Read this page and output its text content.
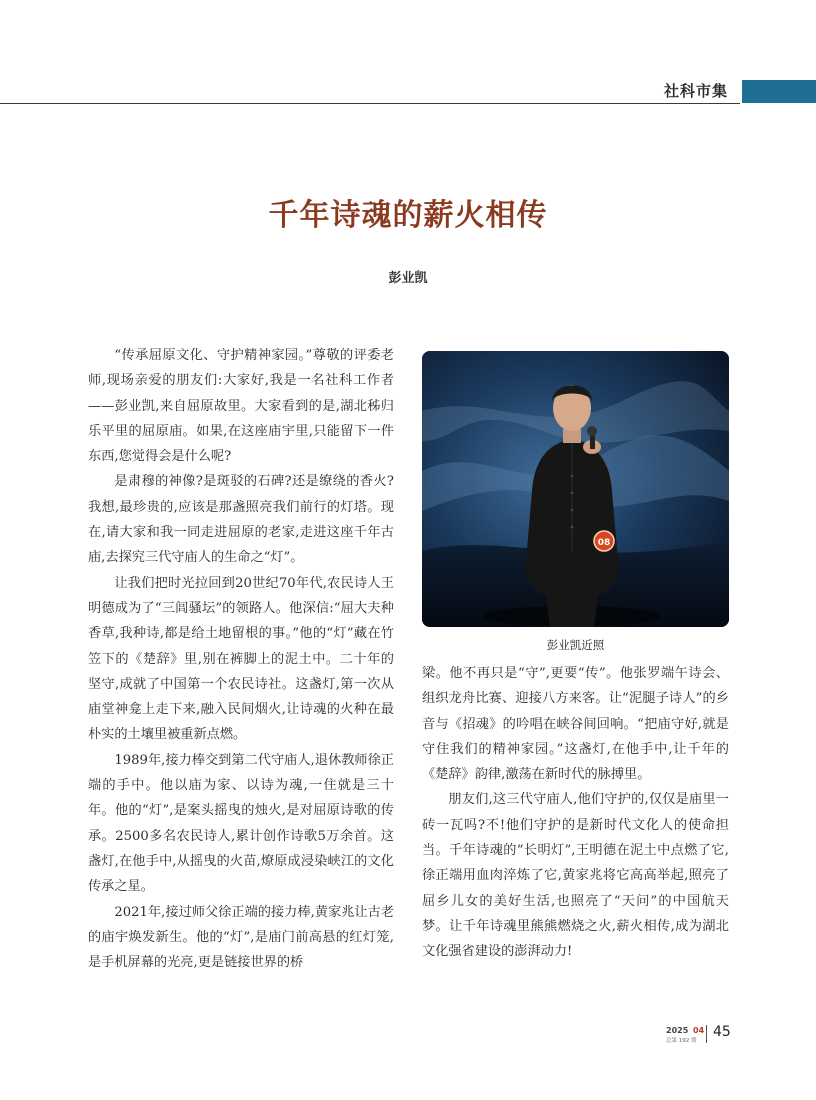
社科市集
千年诗魂的薪火相传
彭业凯

“传承屈原文化、守护精神家园。”尊敬的评委老师,现场亲爱的朋友们:大家好,我是一名社科工作者——彭业凯,来自屈原故里。大家看到的是,湖北秭归乐平里的屈原庙。如果,在这座庙宇里,只能留下一件东西,您觉得会是什么呢?

是肃穆的神像?是斑驳的石碑?还是缭绕的香火?我想,最珍贵的,应该是那盏照亮我们前行的灯塔。现在,请大家和我一同走进屈原的老家,走进这座千年古庙,去探究三代守庙人的生命之“灯”。

让我们把时光拉回到20世纪70年代,农民诗人王明德成为了“三闾骚坛”的领路人。他深信:“屈大夫种香草,我种诗,都是给土地留根的事。”他的“灯”藏在竹笠下的《楚辞》里,别在裤脚上的泥土中。二十年的坚守,成就了中国第一个农民诗社。这盏灯,第一次从庙堂神龛上走下来,融入民间烟火,让诗魂的火种在最朴实的土壤里被重新点燃。

1989年,接力棒交到第二代守庙人,退休教师徐正端的手中。他以庙为家、以诗为魂,一住就是三十年。他的“灯”,是案头摇曳的烛火,是对屈原诗歌的传承。2500多名农民诗人,累计创作诗歌5万余首。这盏灯,在他手中,从摇曳的火苗,燎原成浸染峡江的文化传承之星。

2021年,接过师父徐正端的接力棒,黄家兆让古老的庙宇焕发新生。他的“灯”,是庙门前高悬的红灯笼,是手机屏幕的光亮,更是链接世界的桥

08
彭业凯近照

梁。他不再只是“守”,更要“传”。他张罗端午诗会、组织龙舟比赛、迎接八方来客。让“泥腿子诗人”的乡音与《招魂》的吟唱在峡谷间回响。“把庙守好,就是守住我们的精神家园。”这盏灯,在他手中,让千年的《楚辞》韵律,激荡在新时代的脉搏里。

朋友们,这三代守庙人,他们守护的,仅仅是庙里一砖一瓦吗?不!他们守护的是新时代文化人的使命担当。千年诗魂的“长明灯”,王明德在泥土中点燃了它,徐正端用血肉淬炼了它,黄家兆将它高高举起,照亮了屈乡儿女的美好生活,也照亮了“天问”的中国航天梦。让千年诗魂里熊熊燃烧之火,薪火相传,成为湖北文化强省建设的澎湃动力!

2025 04
总第 192 期
45
